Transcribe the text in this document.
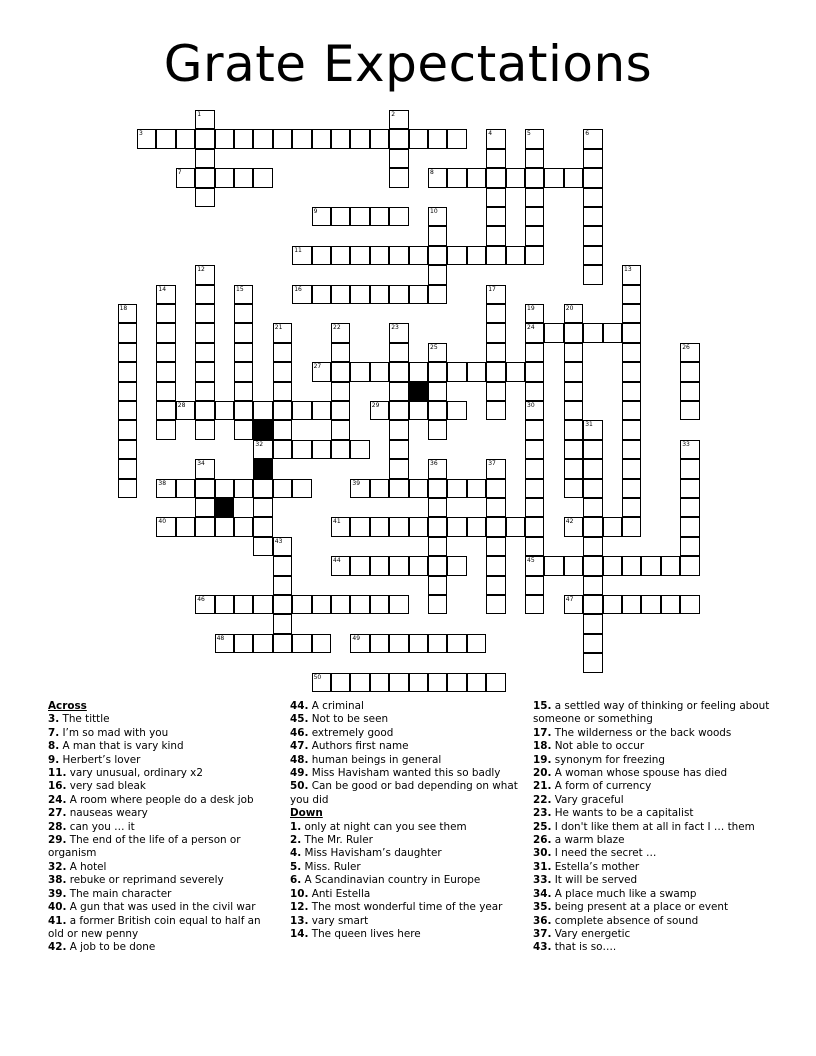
Grate Expectations
3
7	8
9
11
16
24
27
28	29
32
38	39
40	41	42
44	45
46	47
48	49
50
1	2
4	5	6
10
12	13
14	15	17
19
30
20
21	22	23
25	26
31
33
34	35	36	37
43
18
Across
3. The tittle
7. I’m so mad with you
8. A man that is vary kind
9. Herbert’s lover
11. vary unusual, ordinary x2
16. very sad bleak
24. A room where people do a desk job
27. nauseas weary
28. can you … it
29. The end of the life of a person or organism
32. A hotel
38. rebuke or reprimand severely
39. The main character
40. A gun that was used in the civil war
41. a former British coin equal to half an old or new penny
42. A job to be done
44. A criminal
45. Not to be seen
46. extremely good
47. Authors first name
48. human beings in general
49. Miss Havisham wanted this so badly
50. Can be good or bad depending on what you did
Down
1. only at night can you see them
2. The Mr. Ruler
4. Miss Havisham’s daughter
5. Miss. Ruler
6. A Scandinavian country in Europe
10. Anti Estella
12. The most wonderful time of the year
13. vary smart
14. The queen lives here
15. a settled way of thinking or feeling about someone or something
17. The wilderness or the back woods
18. Not able to occur
19. synonym for freezing
20. A woman whose spouse has died
21. A form of currency
22. Vary graceful
23. He wants to be a capitalist
25. I don't like them at all in fact I … them
26. a warm blaze
30. I need the secret …
31. Estella’s mother
33. It will be served
34. A place much like a swamp
35. being present at a place or event
36. complete absence of sound
37. Vary energetic
43. that is so….
